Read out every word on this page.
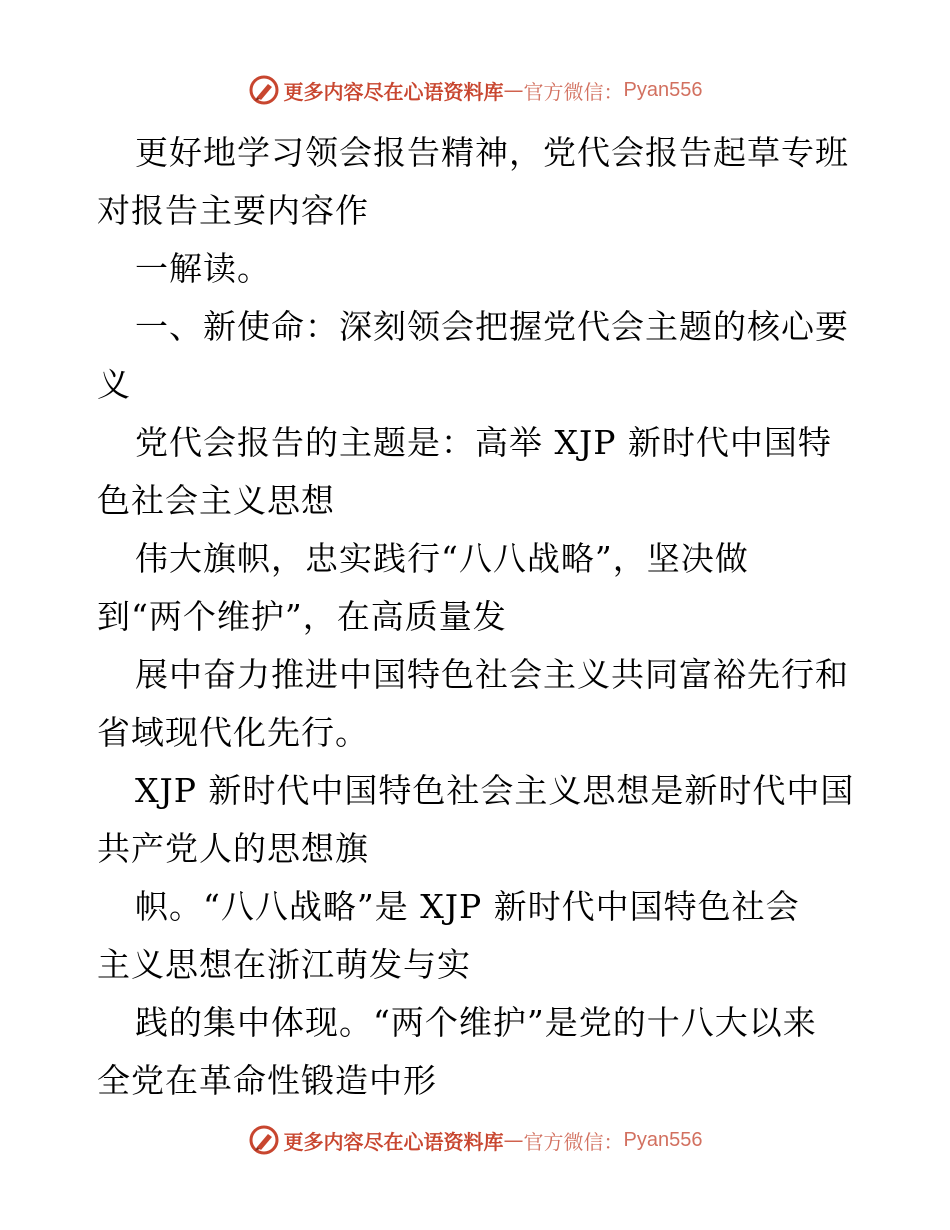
更多内容尽在心语资料库 — 官方微信： Pyan556
更好地学习领会报告精神，党代会报告起草专班
对报告主要内容作
一解读。
一、新使命：深刻领会把握党代会主题的核心要
义
党代会报告的主题是：高举 XJP 新时代中国特
色社会主义思想
伟大旗帜，忠实践行“八八战略”，坚决做
到“两个维护”，在高质量发
展中奋力推进中国特色社会主义共同富裕先行和
省域现代化先行。
XJP 新时代中国特色社会主义思想是新时代中国
共产党人的思想旗
帜。“八八战略”是 XJP 新时代中国特色社会
主义思想在浙江萌发与实
践的集中体现。“两个维护”是党的十八大以来
全党在革命性锻造中形
更多内容尽在心语资料库 — 官方微信： Pyan556
